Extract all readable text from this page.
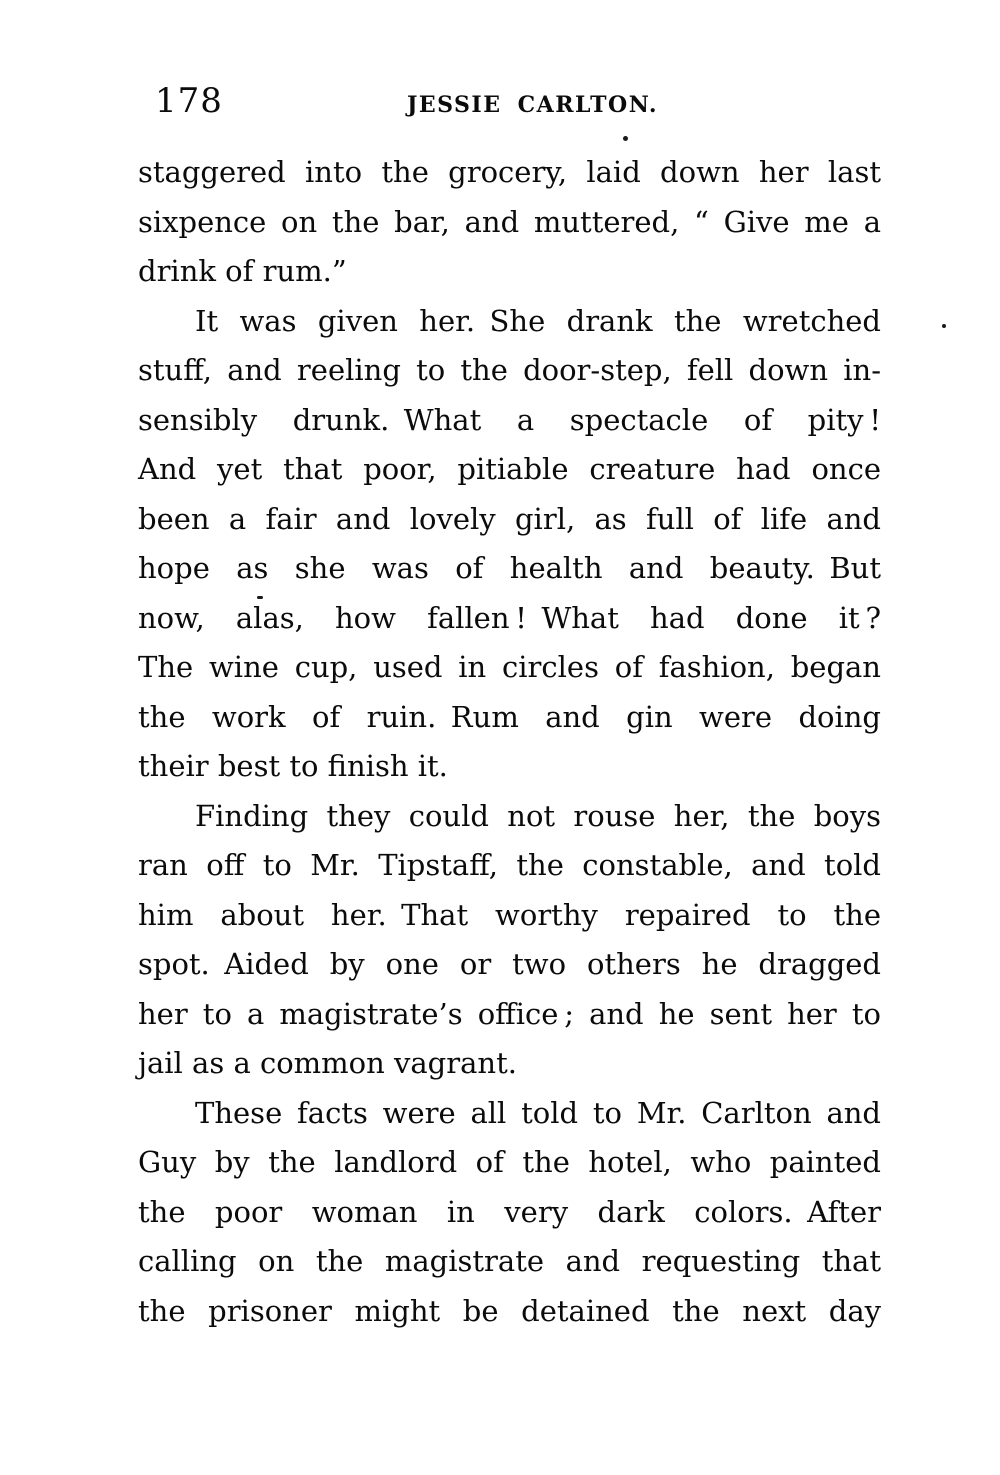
178	JESSIE CARLTON.
staggered into the grocery, laid down her last
sixpence on the bar, and muttered, “ Give me a
drink of rum.”
It was given her. She drank the wretched
stuff, and reeling to the door-step, fell down in-
sensibly drunk. What a spectacle of pity !
And yet that poor, pitiable creature had once
been a fair and lovely girl, as full of life and
hope as she was of health and beauty. But
now, alas, how fallen ! What had done it ?
The wine cup, used in circles of fashion, began
the work of ruin. Rum and gin were doing
their best to finish it.
Finding they could not rouse her, the boys
ran off to Mr. Tipstaff, the constable, and told
him about her. That worthy repaired to the
spot. Aided by one or two others he dragged
her to a magistrate’s office ; and he sent her to
jail as a common vagrant.
These facts were all told to Mr. Carlton and
Guy by the landlord of the hotel, who painted
the poor woman in very dark colors. After
calling on the magistrate and requesting that
the prisoner might be detained the next day
